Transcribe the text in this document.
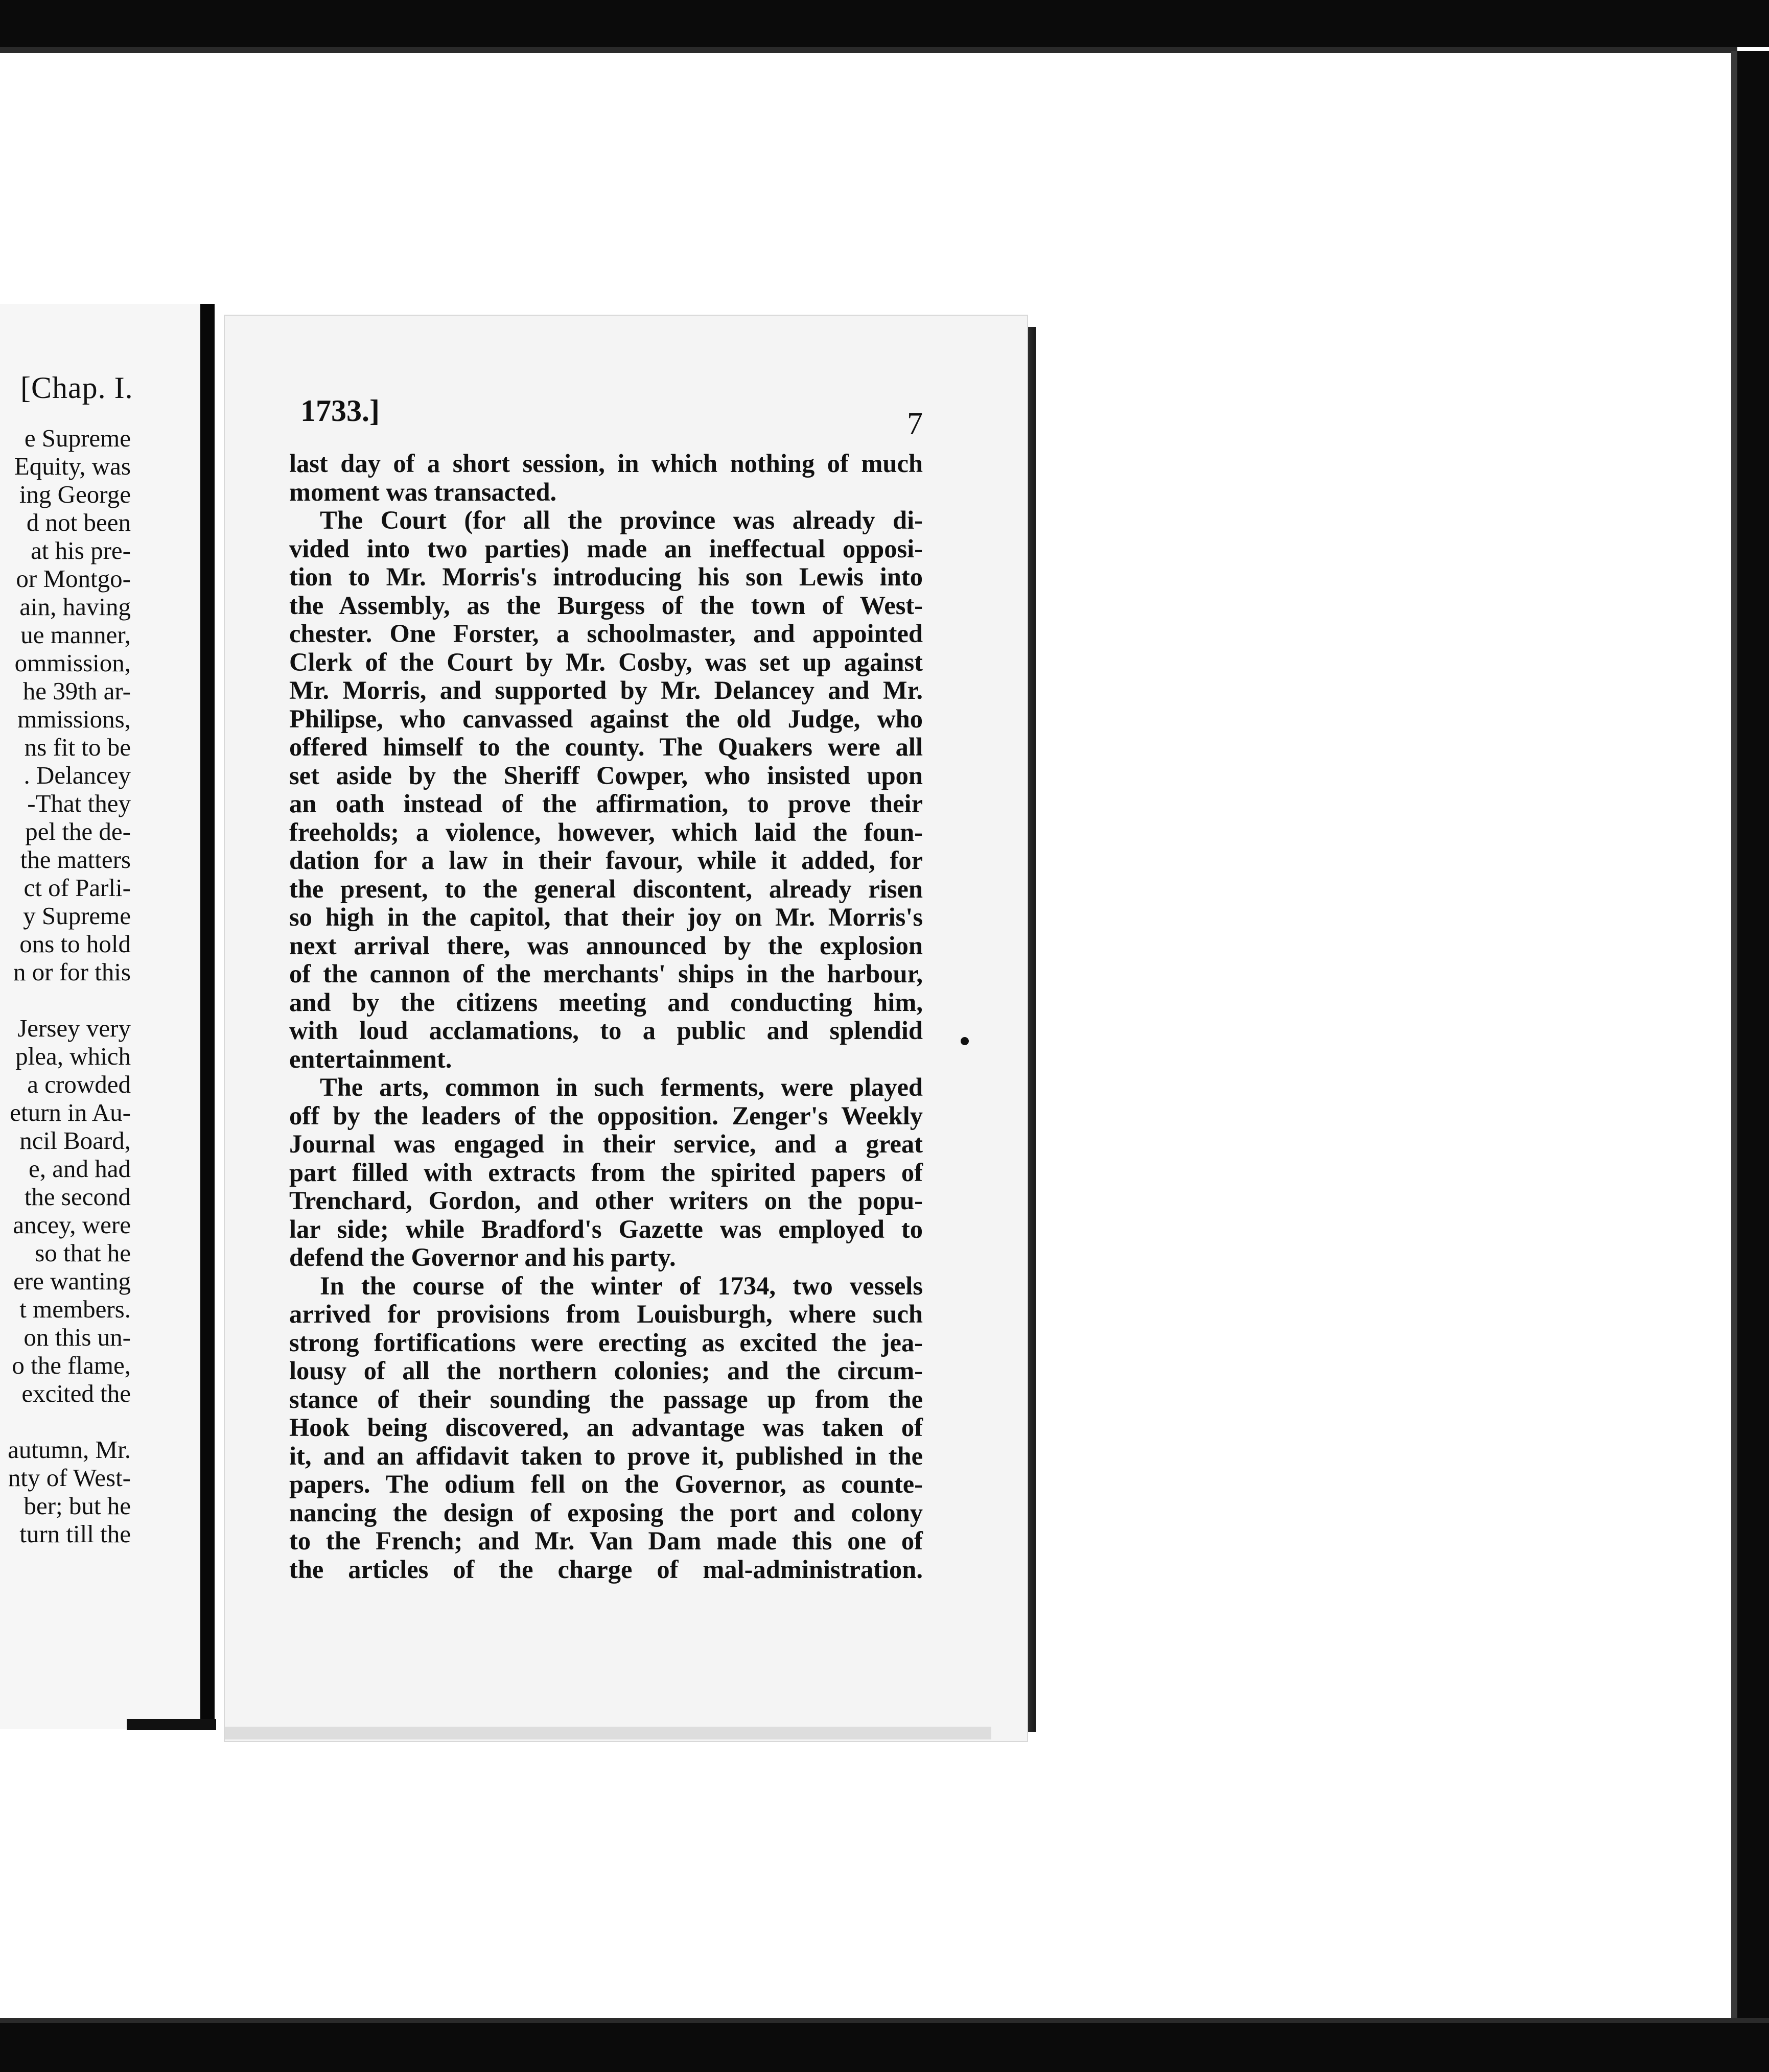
[Chap. I.
e Supreme
Equity, was
ing George
d not been
at his pre-
or Montgo-
ain, having
ue manner,
ommission,
he 39th ar-
mmissions,
ns fit to be
. Delancey
-That they
pel the de-
the matters
ct of Parli-
y Supreme
ons to hold
n or for this
Jersey very
plea, which
a crowded
eturn in Au-
ncil Board,
e, and had
the second
ancey, were
so that he
ere wanting
t members.
on this un-
o the flame,
excited the
autumn, Mr.
nty of West-
ber; but he
turn till the
1733.]	7
last day of a short session, in which nothing of much
moment was transacted.
The Court (for all the province was already di-
vided into two parties) made an ineffectual opposi-
tion to Mr. Morris's introducing his son Lewis into
the Assembly, as the Burgess of the town of West-
chester. One Forster, a schoolmaster, and appointed
Clerk of the Court by Mr. Cosby, was set up against
Mr. Morris, and supported by Mr. Delancey and Mr.
Philipse, who canvassed against the old Judge, who
offered himself to the county. The Quakers were all
set aside by the Sheriff Cowper, who insisted upon
an oath instead of the affirmation, to prove their
freeholds; a violence, however, which laid the foun-
dation for a law in their favour, while it added, for
the present, to the general discontent, already risen
so high in the capitol, that their joy on Mr. Morris's
next arrival there, was announced by the explosion
of the cannon of the merchants' ships in the harbour,
and by the citizens meeting and conducting him,
with loud acclamations, to a public and splendid
entertainment.
The arts, common in such ferments, were played
off by the leaders of the opposition. Zenger's Weekly
Journal was engaged in their service, and a great
part filled with extracts from the spirited papers of
Trenchard, Gordon, and other writers on the popu-
lar side; while Bradford's Gazette was employed to
defend the Governor and his party.
In the course of the winter of 1734, two vessels
arrived for provisions from Louisburgh, where such
strong fortifications were erecting as excited the jea-
lousy of all the northern colonies; and the circum-
stance of their sounding the passage up from the
Hook being discovered, an advantage was taken of
it, and an affidavit taken to prove it, published in the
papers. The odium fell on the Governor, as counte-
nancing the design of exposing the port and colony
to the French; and Mr. Van Dam made this one of
the articles of the charge of mal-administration.
